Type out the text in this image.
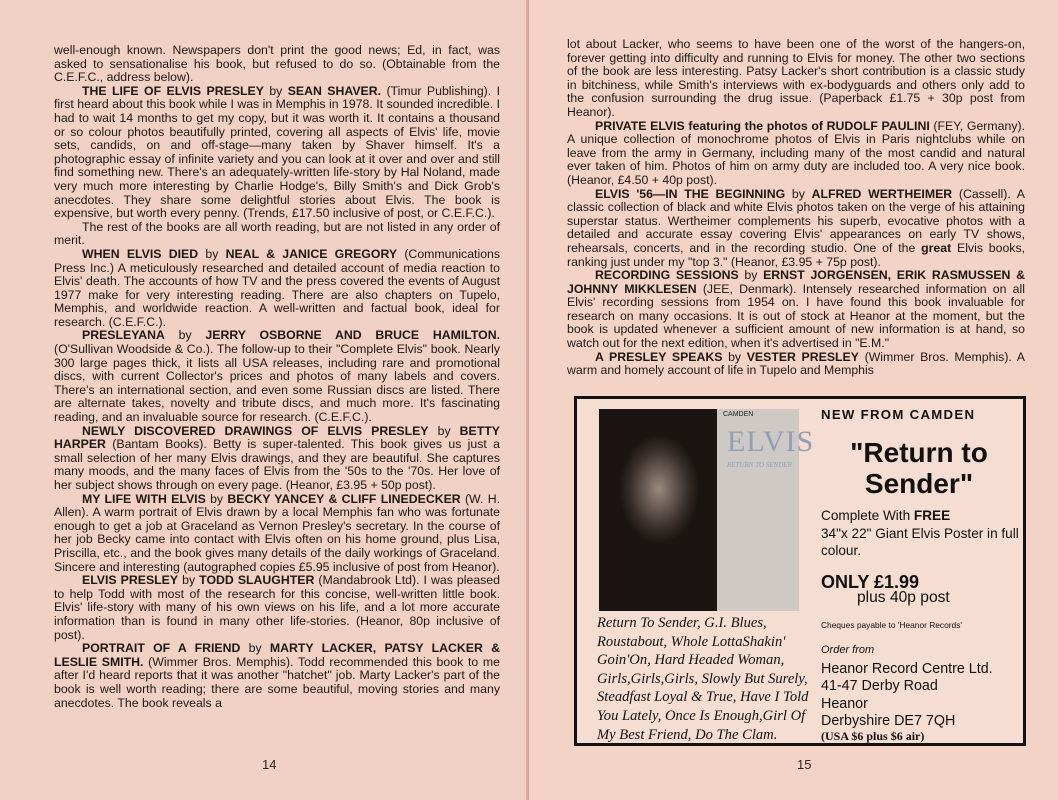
well-enough known. Newspapers don't print the good news; Ed, in fact, was asked to sensationalise his book, but refused to do so. (Obtainable from the C.E.F.C., address below).

THE LIFE OF ELVIS PRESLEY by SEAN SHAVER. (Timur Publishing). I first heard about this book while I was in Memphis in 1978. It sounded incredible. I had to wait 14 months to get my copy, but it was worth it. It contains a thousand or so colour photos beautifully printed, covering all aspects of Elvis' life, movie sets, candids, on and off-stage—many taken by Shaver himself. It's a photographic essay of infinite variety and you can look at it over and over and still find something new. There's an adequately-written life-story by Hal Noland, made very much more interesting by Charlie Hodge's, Billy Smith's and Dick Grob's anecdotes. They share some delightful stories about Elvis. The book is expensive, but worth every penny. (Trends, £17.50 inclusive of post, or C.E.F.C.).

The rest of the books are all worth reading, but are not listed in any order of merit.

WHEN ELVIS DIED by NEAL & JANICE GREGORY (Communications Press Inc.) A meticulously researched and detailed account of media reaction to Elvis' death. The accounts of how TV and the press covered the events of August 1977 make for very interesting reading. There are also chapters on Tupelo, Memphis, and worldwide reaction. A well-written and factual book, ideal for research. (C.E.F.C.).

PRESLEYANA by JERRY OSBORNE AND BRUCE HAMILTON. (O'Sullivan Woodside & Co.). The follow-up to their "Complete Elvis" book. Nearly 300 large pages thick, it lists all USA releases, including rare and promotional discs, with current Collector's prices and photos of many labels and covers. There's an international section, and even some Russian discs are listed. There are alternate takes, novelty and tribute discs, and much more. It's fascinating reading, and an invaluable source for research. (C.E.F.C.).

NEWLY DISCOVERED DRAWINGS OF ELVIS PRESLEY by BETTY HARPER (Bantam Books). Betty is super-talented. This book gives us just a small selection of her many Elvis drawings, and they are beautiful. She captures many moods, and the many faces of Elvis from the '50s to the '70s. Her love of her subject shows through on every page. (Heanor, £3.95 + 50p post).

MY LIFE WITH ELVIS by BECKY YANCEY & CLIFF LINEDECKER (W. H. Allen). A warm portrait of Elvis drawn by a local Memphis fan who was fortunate enough to get a job at Graceland as Vernon Presley's secretary. In the course of her job Becky came into contact with Elvis often on his home ground, plus Lisa, Priscilla, etc., and the book gives many details of the daily workings of Graceland. Sincere and interesting (autographed copies £5.95 inclusive of post from Heanor).

ELVIS PRESLEY by TODD SLAUGHTER (Mandabrook Ltd). I was pleased to help Todd with most of the research for this concise, well-written little book. Elvis' life-story with many of his own views on his life, and a lot more accurate information than is found in many other life-stories. (Heanor, 80p inclusive of post).

PORTRAIT OF A FRIEND by MARTY LACKER, PATSY LACKER & LESLIE SMITH. (Wimmer Bros. Memphis). Todd recommended this book to me after I'd heard reports that it was another "hatchet" job. Marty Lacker's part of the book is well worth reading; there are some beautiful, moving stories and many anecdotes. The book reveals a

14

lot about Lacker, who seems to have been one of the worst of the hangers-on, forever getting into difficulty and running to Elvis for money. The other two sections of the book are less interesting. Patsy Lacker's short contribution is a classic study in bitchiness, while Smith's interviews with ex-bodyguards and others only add to the confusion surrounding the drug issue. (Paperback £1.75 + 30p post from Heanor).

PRIVATE ELVIS featuring the photos of RUDOLF PAULINI (FEY, Germany). A unique collection of monochrome photos of Elvis in Paris nightclubs while on leave from the army in Germany, including many of the most candid and natural ever taken of him. Photos of him on army duty are included too. A very nice book. (Heanor, £4.50 + 40p post).

ELVIS '56—IN THE BEGINNING by ALFRED WERTHEIMER (Cassell). A classic collection of black and white Elvis photos taken on the verge of his attaining superstar status. Wertheimer complements his superb, evocative photos with a detailed and accurate essay covering Elvis' appearances on early TV shows, rehearsals, concerts, and in the recording studio. One of the great Elvis books, ranking just under my "top 3." (Heanor, £3.95 + 75p post).

RECORDING SESSIONS by ERNST JORGENSEN, ERIK RASMUSSEN & JOHNNY MIKKLESEN (JEE, Denmark). Intensely researched information on all Elvis' recording sessions from 1954 on. I have found this book invaluable for research on many occasions. It is out of stock at Heanor at the moment, but the book is updated whenever a sufficient amount of new information is at hand, so watch out for the next edition, when it's advertised in "E.M."

A PRESLEY SPEAKS by VESTER PRESLEY (Wimmer Bros. Memphis). A warm and homely account of life in Tupelo and Memphis

CAMDEN
ELVIS
RETURN TO SENDER
Return To Sender, G.I. Blues, Roustabout, Whole LottaShakin' Goin'On, Hard Headed Woman, Girls,Girls,Girls, Slowly But Surely, Steadfast Loyal & True, Have I Told You Lately, Once Is Enough,Girl Of My Best Friend, Do The Clam.
NEW FROM CAMDEN
"Return to
Sender"
Complete With FREE
34"x 22" Giant Elvis Poster in full colour.
ONLY £1.99
plus 40p post
Cheques payable to 'Heanor Records'
Order from
Heanor Record Centre Ltd.
41-47 Derby Road
Heanor
Derbyshire DE7 7QH
(USA $6 plus $6 air)
15
